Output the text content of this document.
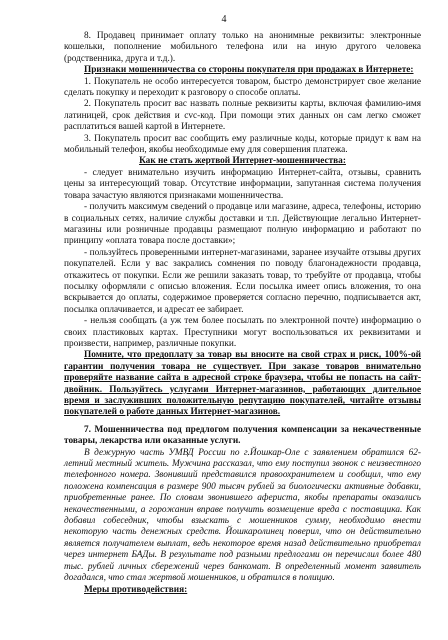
4

8. Продавец принимает оплату только на анонимные реквизиты: электронные кошельки, пополнение мобильного телефона или на иную другого человека (родственника, друга и т.д.).

Признаки мошенничества со стороны покупателя при продажах в Интернете:

1. Покупатель не особо интересуется товаром, быстро демонстрирует свое желание сделать покупку и переходит к разговору о способе оплаты.

2. Покупатель просит вас назвать полные реквизиты карты, включая фамилию-имя латиницей, срок действия и cvc-код. При помощи этих данных он сам легко сможет расплатиться вашей картой в Интернете.

3. Покупатель просит вас сообщить ему различные коды, которые придут к вам на мобильный телефон, якобы необходимые ему для совершения платежа.

Как не стать жертвой Интернет-мошенничества:

- следует внимательно изучить информацию Интернет-сайта, отзывы, сравнить цены за интересующий товар. Отсутствие информации, запутанная система получения товара зачастую являются признаками мошенничества.

- получить максимум сведений о продавце или магазине, адреса, телефоны, историю в социальных сетях, наличие службы доставки и т.п. Действующие легально Интернет-магазины или розничные продавцы размещают полную информацию и работают по принципу «оплата товара после доставки»;

- пользуйтесь проверенными интернет-магазинами, заранее изучайте отзывы других покупателей. Если у вас закрались сомнения по поводу благонадежности продавца, откажитесь от покупки. Если же решили заказать товар, то требуйте от продавца, чтобы посылку оформляли с описью вложения. Если посылка имеет опись вложения, то она вскрывается до оплаты, содержимое проверяется согласно перечню, подписывается акт, посылка оплачивается, и адресат ее забирает.

- нельзя сообщать (а уж тем более посылать по электронной почте) информацию о своих пластиковых картах. Преступники могут воспользоваться их реквизитами и произвести, например, различные покупки.

Помните, что предоплату за товар вы вносите на свой страх и риск, 100%-ой гарантии получения товара не существует. При заказе товаров внимательно проверяйте название сайта в адресной строке браузера, чтобы не попасть на сайт-двойник. Пользуйтесь услугами Интернет-магазинов, работающих длительное время и заслуживших положительную репутацию покупателей, читайте отзывы покупателей о работе данных Интернет-магазинов.

7. Мошенничества под предлогом получения компенсации за некачественные товары, лекарства или оказанные услуги.

В дежурную часть УМВД России по г.Йошкар-Оле с заявлением обратился 62-летний местный житель. Мужчина рассказал, что ему поступил звонок с неизвестного телефонного номера. Звонивший представился правоохранителем и сообщил, что ему положена компенсация в размере 900 тысяч рублей за биологически активные добавки, приобретенные ранее. По словам звонившего афериста, якобы препараты оказались некачественными, а горожанин вправе получить возмещение вреда с поставщика. Как добавил собеседник, чтобы взыскать с мошенников сумму, необходимо внести некоторую часть денежных средств. Йошкаролинец поверил, что он действительно является получателем выплат, ведь некоторое время назад действительно приобретал через интернет БАДы. В результате под разными предлогами он перечислил более 480 тыс. рублей личных сбережений через банкомат. В определенный момент заявитель догадался, что стал жертвой мошенников, и обратился в полицию.

Меры противодействия:
